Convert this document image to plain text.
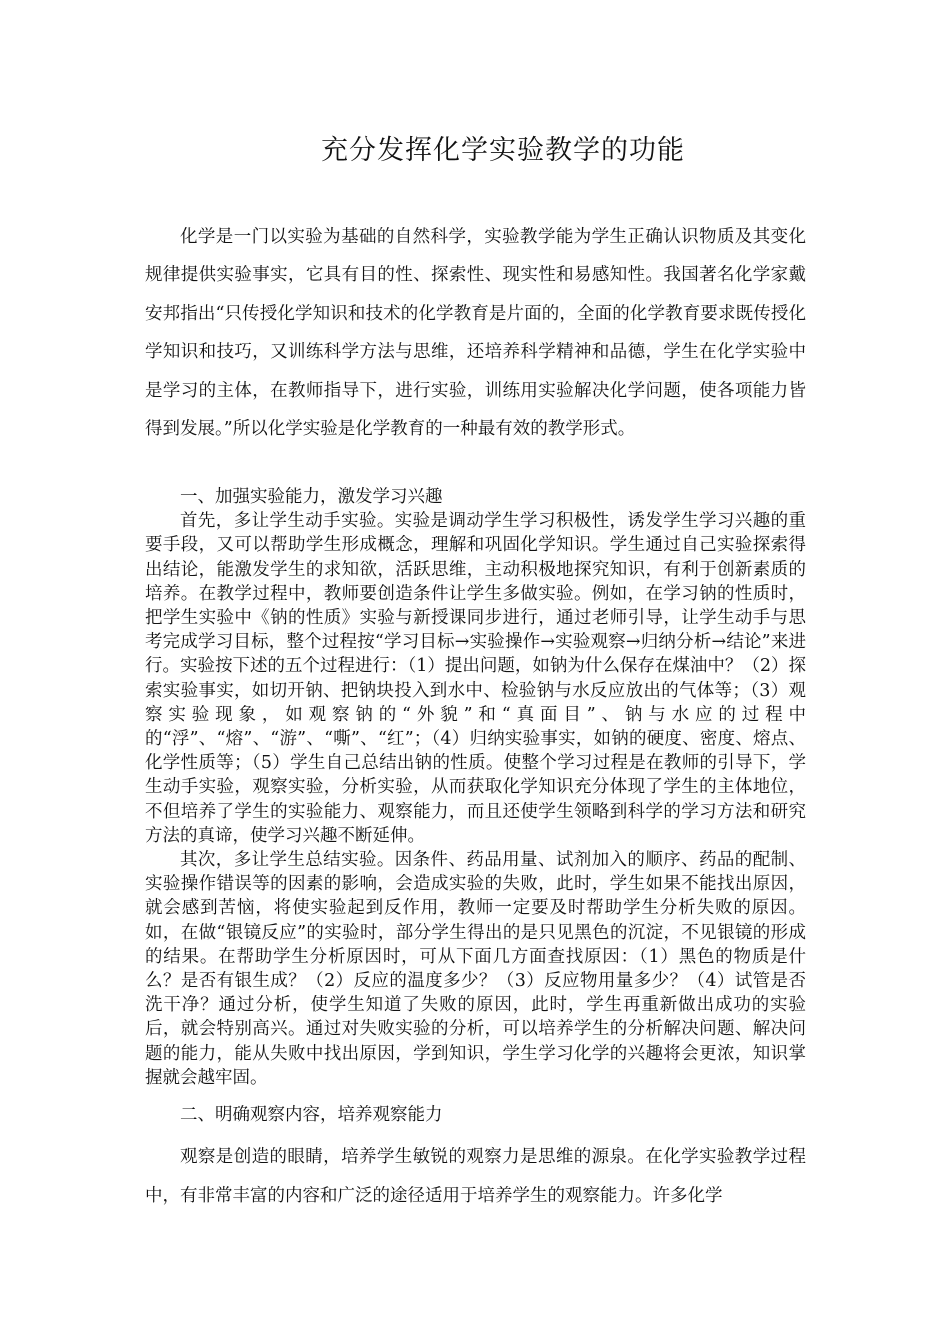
充分发挥化学实验教学的功能

化学是一门以实验为基础的自然科学，实验教学能为学生正确认识物质及其变化规律提供实验事实，它具有目的性、探索性、现实性和易感知性。我国著名化学家戴安邦指出“只传授化学知识和技术的化学教育是片面的，全面的化学教育要求既传授化学知识和技巧，又训练科学方法与思维，还培养科学精神和品德，学生在化学实验中是学习的主体，在教师指导下，进行实验，训练用实验解决化学问题，使各项能力皆得到发展。”所以化学实验是化学教育的一种最有效的教学形式。

一、加强实验能力，激发学习兴趣

首先，多让学生动手实验。实验是调动学生学习积极性，诱发学生学习兴趣的重要手段，又可以帮助学生形成概念，理解和巩固化学知识。学生通过自己实验探索得出结论，能激发学生的求知欲，活跃思维，主动积极地探究知识，有利于创新素质的培养。在教学过程中，教师要创造条件让学生多做实验。例如，在学习钠的性质时，把学生实验中《钠的性质》实验与新授课同步进行，通过老师引导，让学生动手与思考完成学习目标，整个过程按“学习目标→实验操作→实验观察→归纳分析→结论”来进行。实验按下述的五个过程进行：（1）提出问题，如钠为什么保存在煤油中？（2）探索实验事实，如切开钠、把钠块投入到水中、检验钠与水反应放出的气体等；（3）观察实验现象，如观察钠的“外貌”和“真面目”、钠与水应的过程中的“浮”、“熔”、“游”、“嘶”、“红”；（4）归纳实验事实，如钠的硬度、密度、熔点、化学性质等；（5）学生自己总结出钠的性质。使整个学习过程是在教师的引导下，学生动手实验，观察实验，分析实验，从而获取化学知识充分体现了学生的主体地位，不但培养了学生的实验能力、观察能力，而且还使学生领略到科学的学习方法和研究方法的真谛，使学习兴趣不断延伸。

其次，多让学生总结实验。因条件、药品用量、试剂加入的顺序、药品的配制、实验操作错误等的因素的影响，会造成实验的失败，此时，学生如果不能找出原因，就会感到苦恼，将使实验起到反作用，教师一定要及时帮助学生分析失败的原因。如，在做“银镜反应”的实验时，部分学生得出的是只见黑色的沉淀，不见银镜的形成的结果。在帮助学生分析原因时，可从下面几方面查找原因：（1）黑色的物质是什么？是否有银生成？（2）反应的温度多少？（3）反应物用量多少？（4）试管是否洗干净？通过分析，使学生知道了失败的原因，此时，学生再重新做出成功的实验后，就会特别高兴。通过对失败实验的分析，可以培养学生的分析解决问题、解决问题的能力，能从失败中找出原因，学到知识，学生学习化学的兴趣将会更浓，知识掌握就会越牢固。

二、明确观察内容，培养观察能力

观察是创造的眼睛，培养学生敏锐的观察力是思维的源泉。在化学实验教学过程中，有非常丰富的内容和广泛的途径适用于培养学生的观察能力。许多化学
